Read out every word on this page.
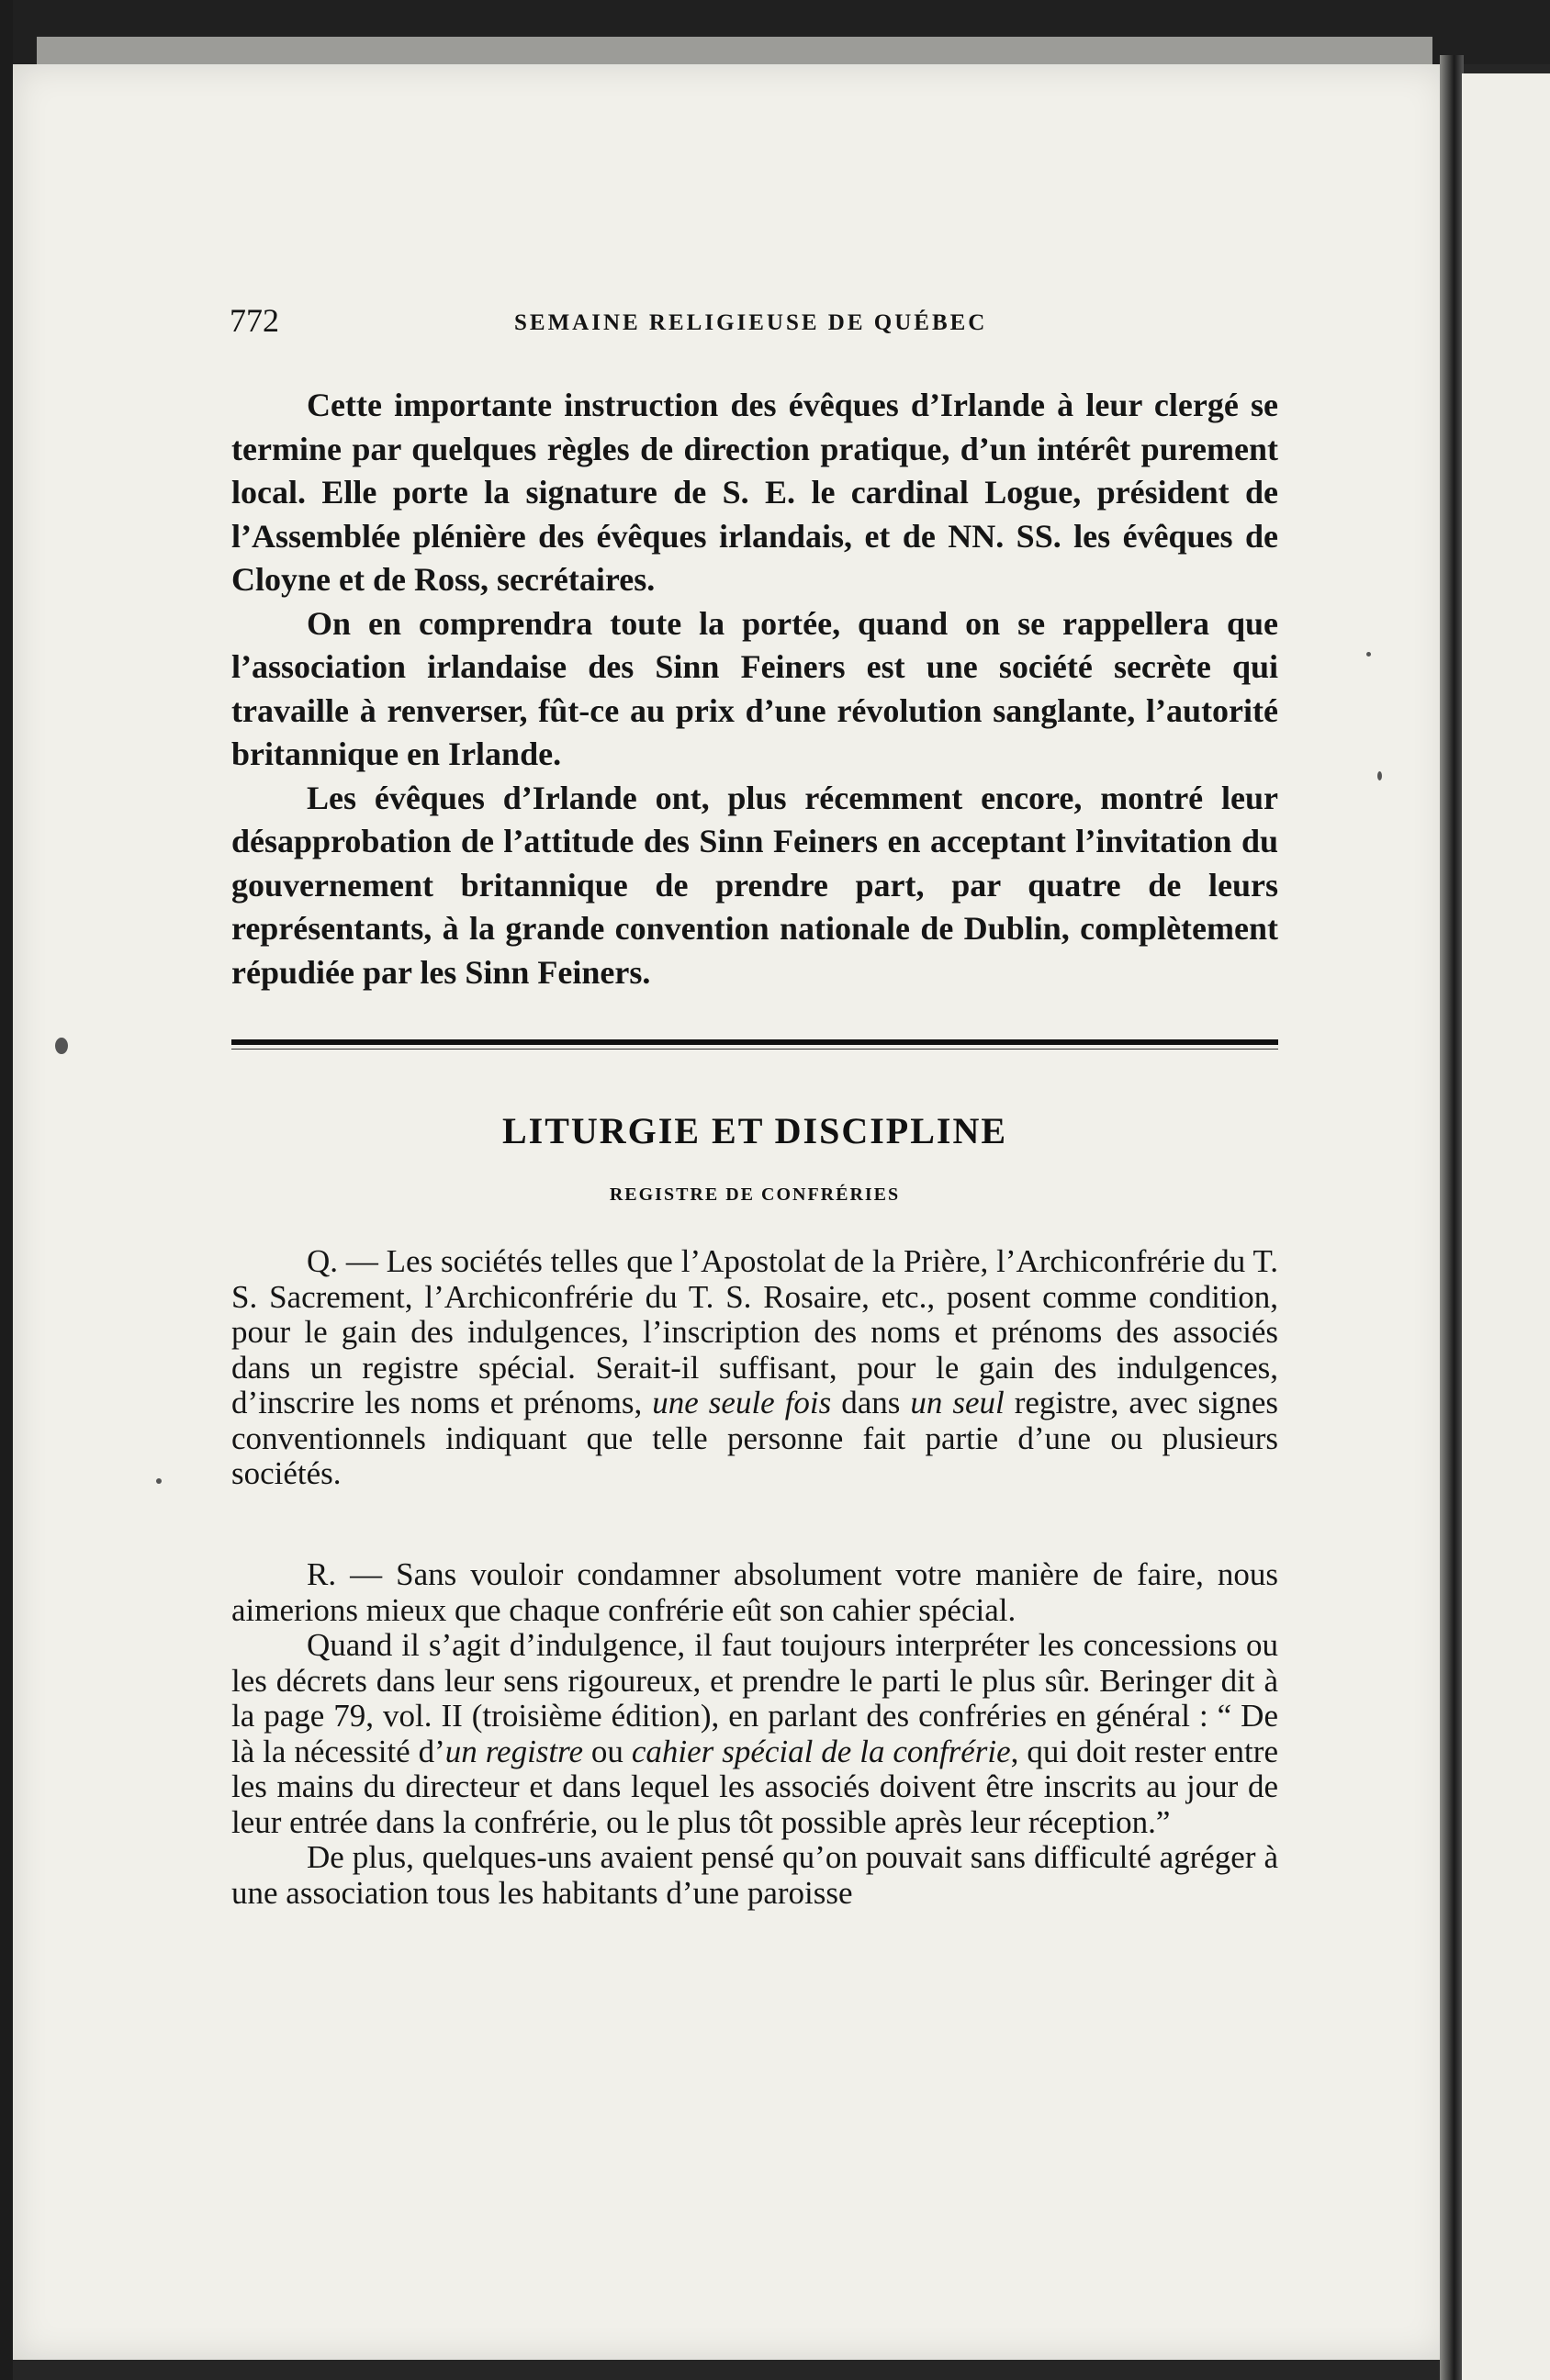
772	SEMAINE RELIGIEUSE DE QUÉBEC

Cette importante instruction des évêques d’Irlande à leur clergé se termine par quelques règles de direction pratique, d’un intérêt purement local. Elle porte la signature de S. E. le cardinal Logue, président de l’Assemblée plénière des évêques irlandais, et de NN. SS. les évêques de Cloyne et de Ross, secrétaires.

On en comprendra toute la portée, quand on se rappellera que l’association irlandaise des Sinn Feiners est une société secrète qui travaille à renverser, fût-ce au prix d’une révolution sanglante, l’autorité britannique en Irlande.

Les évêques d’Irlande ont, plus récemment encore, montré leur désapprobation de l’attitude des Sinn Feiners en acceptant l’invitation du gouvernement britannique de prendre part, par quatre de leurs représentants, à la grande convention nationale de Dublin, complètement répudiée par les Sinn Feiners.

LITURGIE ET DISCIPLINE
REGISTRE DE CONFRÉRIES

Q. — Les sociétés telles que l’Apostolat de la Prière, l’Archiconfrérie du T. S. Sacrement, l’Archiconfrérie du T. S. Rosaire, etc., posent comme condition, pour le gain des indulgences, l’inscription des noms et prénoms des associés dans un registre spécial. Serait-il suffisant, pour le gain des indulgences, d’inscrire les noms et prénoms, une seule fois dans un seul registre, avec signes conventionnels indiquant que telle personne fait partie d’une ou plusieurs sociétés.

R. — Sans vouloir condamner absolument votre manière de faire, nous aimerions mieux que chaque confrérie eût son cahier spécial.

Quand il s’agit d’indulgence, il faut toujours interpréter les concessions ou les décrets dans leur sens rigoureux, et prendre le parti le plus sûr. Beringer dit à la page 79, vol. II (troisième édition), en parlant des confréries en général : “ De là la nécessité d’un registre ou cahier spécial de la confrérie, qui doit rester entre les mains du directeur et dans lequel les associés doivent être inscrits au jour de leur entrée dans la confrérie, ou le plus tôt possible après leur réception.”

De plus, quelques-uns avaient pensé qu’on pouvait sans difficulté agréger à une association tous les habitants d’une paroisse
